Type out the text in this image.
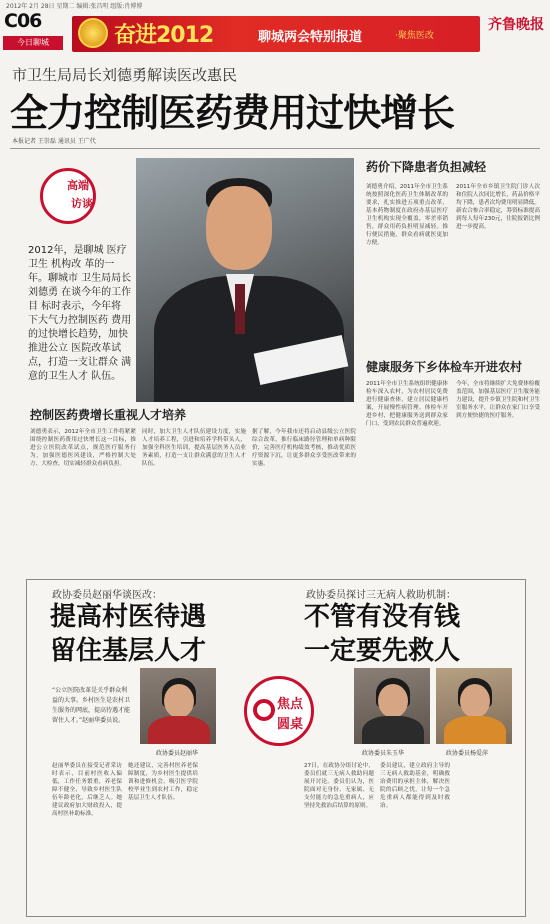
2012年 2月 28日 星期二 编辑:张昌明 组版:肖博博
C06
今日聊城	奋进2012	聊城两会特别报道	·聚焦医改
齐鲁晚报
市卫生局局长刘德勇解读医改惠民
全力控制医药费用过快增长
本报记者 王崇磊 通讯员 王广代
高端
访谈
2012年，是聊城 医疗卫生 机构改 革的一年。聊城市 卫生局局长刘德勇 在谈今年的工作目 标时表示，今年将 下大气力控制医药 费用的过快增长趋势，加快推进公立 医院改革试点，打造一支让群众 满意的卫生人才 队伍。
药价下降患者负担减轻
刘德勇介绍，2011年全市卫生系统按照深化医药卫生体制改革的要求，扎实推进五项重点改革，基本药物制度在政府办基层医疗卫生机构实现全覆盖，零差率销售，群众用药负担明显减轻。推行便民措施，群众看病就医更加方便。
2011年全市乡镇卫生院门诊人次和住院人次同比增长，药品价格平均下降，患者次均费用明显降低。新农合参合率稳定，筹资标准提高到每人每年230元，住院报销比例进一步提高。
健康服务下乡体检车开进农村
2011年全市卫生系统组织健康体检车深入农村，为农村居民免费进行健康查体，建立居民健康档案，开展慢性病管理。体检车开进乡村，把健康服务送到群众家门口，受到农民群众普遍欢迎。
今年，全市将继续扩大免费体检覆盖范围，加强基层医疗卫生服务能力建设，提升乡镇卫生院和村卫生室服务水平，让群众在家门口享受到方便快捷的医疗服务。
控制医药费增长重视人才培养
刘德勇表示，2012年全市卫生工作将紧紧围绕控制医药费用过快增长这一目标，推进公立医院改革试点，规范医疗服务行为，加强医德医风建设，严格控制大处方、大检查，切实减轻群众看病负担。
同时，加大卫生人才队伍建设力度，实施人才培养工程，引进和培养学科带头人，加强全科医生培训，提高基层医务人员业务素质，打造一支让群众满意的卫生人才队伍。
据了解，今年我市还将启动县级公立医院综合改革，推行临床路径管理和单病种限价，完善医疗机构绩效考核，推动优质医疗资源下沉，让更多群众享受医改带来的实惠。
政协委员赵丽华谈医改：
提高村医待遇
留住基层人才
“公立医院改革是关乎群众利益的大事。乡村医生是农村卫生服务的网底，提高待遇才能留住人才。”赵丽华委员说。
政协委员赵丽华
赵丽华委员在接受记者采访时表示，目前村医收入偏低，工作任务繁重，养老保障不健全，导致乡村医生队伍年龄老化，后继乏人。她建议政府加大财政投入，提高村医补助标准。
她还建议，完善村医养老保障制度，为乡村医生提供培训和进修机会，吸引医学院校毕业生到农村工作，稳定基层卫生人才队伍。
焦点
圆桌
政协委员探讨三无病人救助机制：
不管有没有钱
一定要先救人
政协委员朱玉华	政协委员杨爱萍
27日，在政协分组讨论中，委员们就三无病人救助问题展开讨论。委员们认为，医院面对无身份、无家属、无支付能力的急危重病人，应坚持先救治后结算的原则。
委员建议，建立政府主导的三无病人救助基金，明确救治费用的承担主体，解决医院的后顾之忧，让每一个急危重病人都能得到及时救治。
